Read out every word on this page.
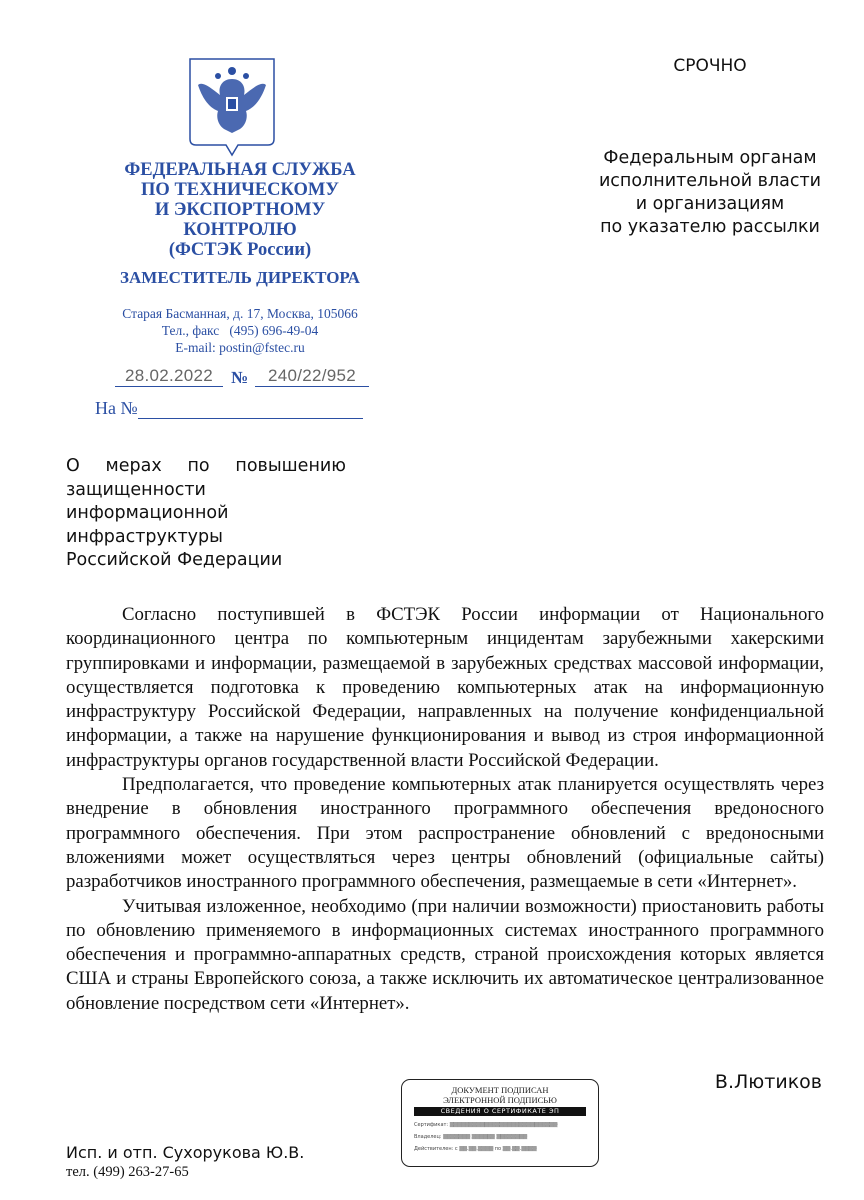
ФЕДЕРАЛЬНАЯ СЛУЖБА
ПО ТЕХНИЧЕСКОМУ
И ЭКСПОРТНОМУ
КОНТРОЛЮ
(ФСТЭК России)
ЗАМЕСТИТЕЛЬ ДИРЕКТОРА
Старая Басманная, д. 17, Москва, 105066
Тел., факс   (495) 696-49-04
E-mail: postin@fstec.ru
28.02.2022	№	240/22/952
На №
СРОЧНО
Федеральным органам
исполнительной власти
и организациям
по указателю рассылки
О мерах по повышению
защищенности
информационной
инфраструктуры
Российской Федерации

Согласно поступившей в ФСТЭК России информации от Национального координационного центра по компьютерным инцидентам зарубежными хакерскими группировками и информации, размещаемой в зарубежных средствах массовой информации, осуществляется подготовка к проведению компьютерных атак на информационную инфраструктуру Российской Федерации, направленных на получение конфиденциальной информации, а также на нарушение функционирования и вывод из строя информационной инфраструктуры органов государственной власти Российской Федерации.

Предполагается, что проведение компьютерных атак планируется осуществлять через внедрение в обновления иностранного программного обеспечения вредоносного программного обеспечения. При этом распространение обновлений с вредоносными вложениями может осуществляться через центры обновлений (официальные сайты) разработчиков иностранного программного обеспечения, размещаемые в сети «Интернет».

Учитывая изложенное, необходимо (при наличии возможности) приостановить работы по обновлению применяемого в информационных системах иностранного программного обеспечения и программно-аппаратных средств, страной происхождения которых является США и страны Европейского союза, а также исключить их автоматическое централизованное обновление посредством сети «Интернет».

В.Лютиков
ДОКУМЕНТ ПОДПИСАН
ЭЛЕКТРОННОЙ ПОДПИСЬЮ
СВЕДЕНИЯ О СЕРТИФИКАТЕ ЭП
Сертификат: ▒▒▒▒▒▒▒▒▒▒▒▒▒▒▒▒▒▒▒▒▒▒▒▒▒▒▒▒
Владелец: ▒▒▒▒▒▒▒ ▒▒▒▒▒▒ ▒▒▒▒▒▒▒▒
Действителен: с ▒▒.▒▒.▒▒▒▒ по ▒▒.▒▒.▒▒▒▒
Исп. и отп. Сухорукова Ю.В.
тел. (499) 263-27-65
